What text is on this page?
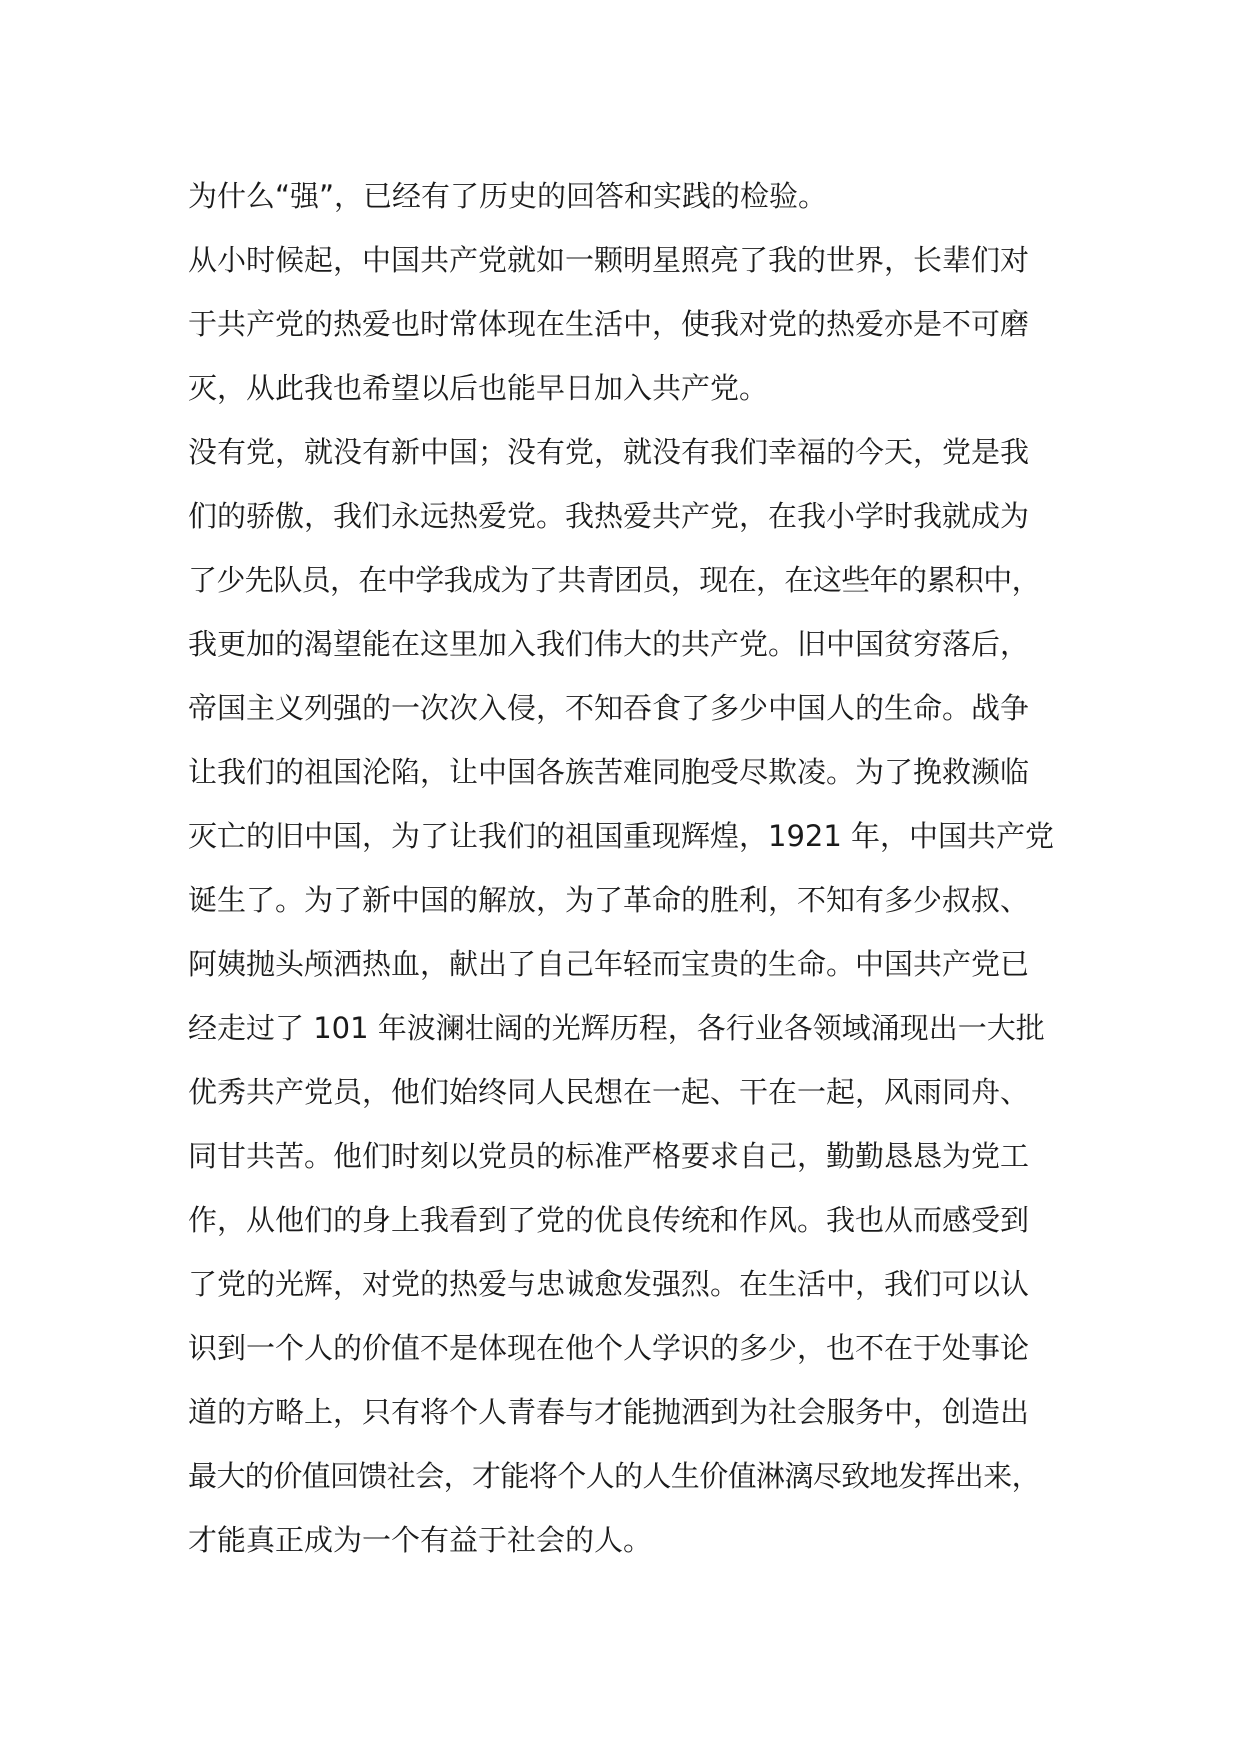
为什么“强”，已经有了历史的回答和实践的检验。
从小时候起，中国共产党就如一颗明星照亮了我的世界，长辈们对
于共产党的热爱也时常体现在生活中，使我对党的热爱亦是不可磨
灭，从此我也希望以后也能早日加入共产党。
没有党，就没有新中国；没有党，就没有我们幸福的今天，党是我
们的骄傲，我们永远热爱党。我热爱共产党，在我小学时我就成为
了少先队员，在中学我成为了共青团员，现在，在这些年的累积中，
我更加的渴望能在这里加入我们伟大的共产党。旧中国贫穷落后，
帝国主义列强的一次次入侵，不知吞食了多少中国人的生命。战争
让我们的祖国沦陷，让中国各族苦难同胞受尽欺凌。为了挽救濒临
灭亡的旧中国，为了让我们的祖国重现辉煌，1921 年，中国共产党
诞生了。为了新中国的解放，为了革命的胜利，不知有多少叔叔、
阿姨抛头颅洒热血，献出了自己年轻而宝贵的生命。中国共产党已
经走过了 101 年波澜壮阔的光辉历程，各行业各领域涌现出一大批
优秀共产党员，他们始终同人民想在一起、干在一起，风雨同舟、
同甘共苦。他们时刻以党员的标准严格要求自己，勤勤恳恳为党工
作，从他们的身上我看到了党的优良传统和作风。我也从而感受到
了党的光辉，对党的热爱与忠诚愈发强烈。在生活中，我们可以认
识到一个人的价值不是体现在他个人学识的多少，也不在于处事论
道的方略上，只有将个人青春与才能抛洒到为社会服务中，创造出
最大的价值回馈社会，才能将个人的人生价值淋漓尽致地发挥出来，
才能真正成为一个有益于社会的人。
